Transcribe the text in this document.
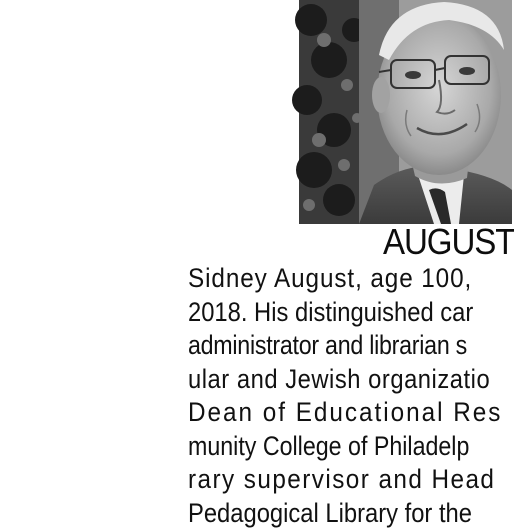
AUGUST
Sidney August, age 100,
2018. His distinguished car
administrator and librarian s
ular and Jewish organizatio
Dean of Educational Res
munity College of Philadelp
rary supervisor and Head
Pedagogical Library for the
